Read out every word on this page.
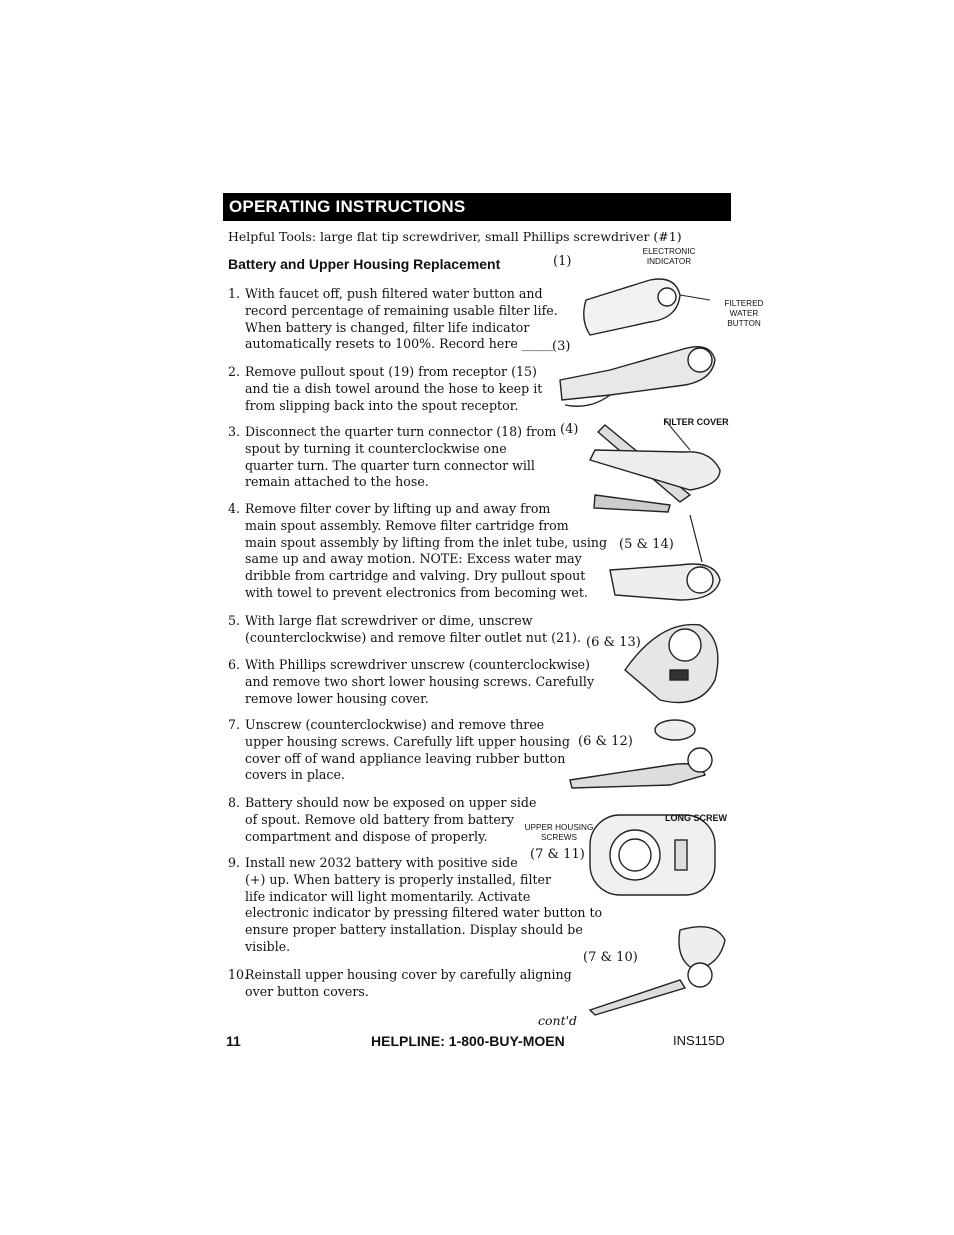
OPERATING INSTRUCTIONS
Helpful Tools: large flat tip screwdriver, small Phillips screwdriver (#1)
Battery and Upper Housing Replacement
1. With faucet off, push filtered water button and

record percentage of remaining usable filter life.

When battery is changed, filter life indicator

automatically resets to 100%. Record here _____

2. Remove pullout spout (19) from receptor (15)

and tie a dish towel around the hose to keep it

from slipping back into the spout receptor.

3. Disconnect the quarter turn connector (18) from

spout by turning it counterclockwise one

quarter turn. The quarter turn connector will

remain attached to the hose.

4. Remove filter cover by lifting up and away from

main spout assembly. Remove filter cartridge from

main spout assembly by lifting from the inlet tube, using

same up and away motion. NOTE: Excess water may

dribble from cartridge and valving. Dry pullout spout

with towel to prevent electronics from becoming wet.

5. With large flat screwdriver or dime, unscrew

(counterclockwise) and remove filter outlet nut (21).

6. With Phillips screwdriver unscrew (counterclockwise)

and remove two short lower housing screws. Carefully

remove lower housing cover.

7. Unscrew (counterclockwise) and remove three

upper housing screws. Carefully lift upper housing

cover off of wand appliance leaving rubber button

covers in place.

8. Battery should now be exposed on upper side

of spout. Remove old battery from battery

compartment and dispose of properly.

9. Install new 2032 battery with positive side

(+) up. When battery is properly installed, filter

life indicator will light momentarily. Activate

electronic indicator by pressing filtered water button to

ensure proper battery installation. Display should be

visible.

10.

Reinstall upper housing cover by carefully aligning

over button covers.

(1)
(3)
(4)
(5 & 14)
(6 & 13)
(6 & 12)
(7 & 11)
(7 & 10)
ELECTRONIC INDICATOR
FILTERED WATER BUTTON
FILTER COVER
UPPER HOUSING SCREWS
LONG SCREW
cont'd
11	HELPLINE: 1-800-BUY-MOEN	INS115D
